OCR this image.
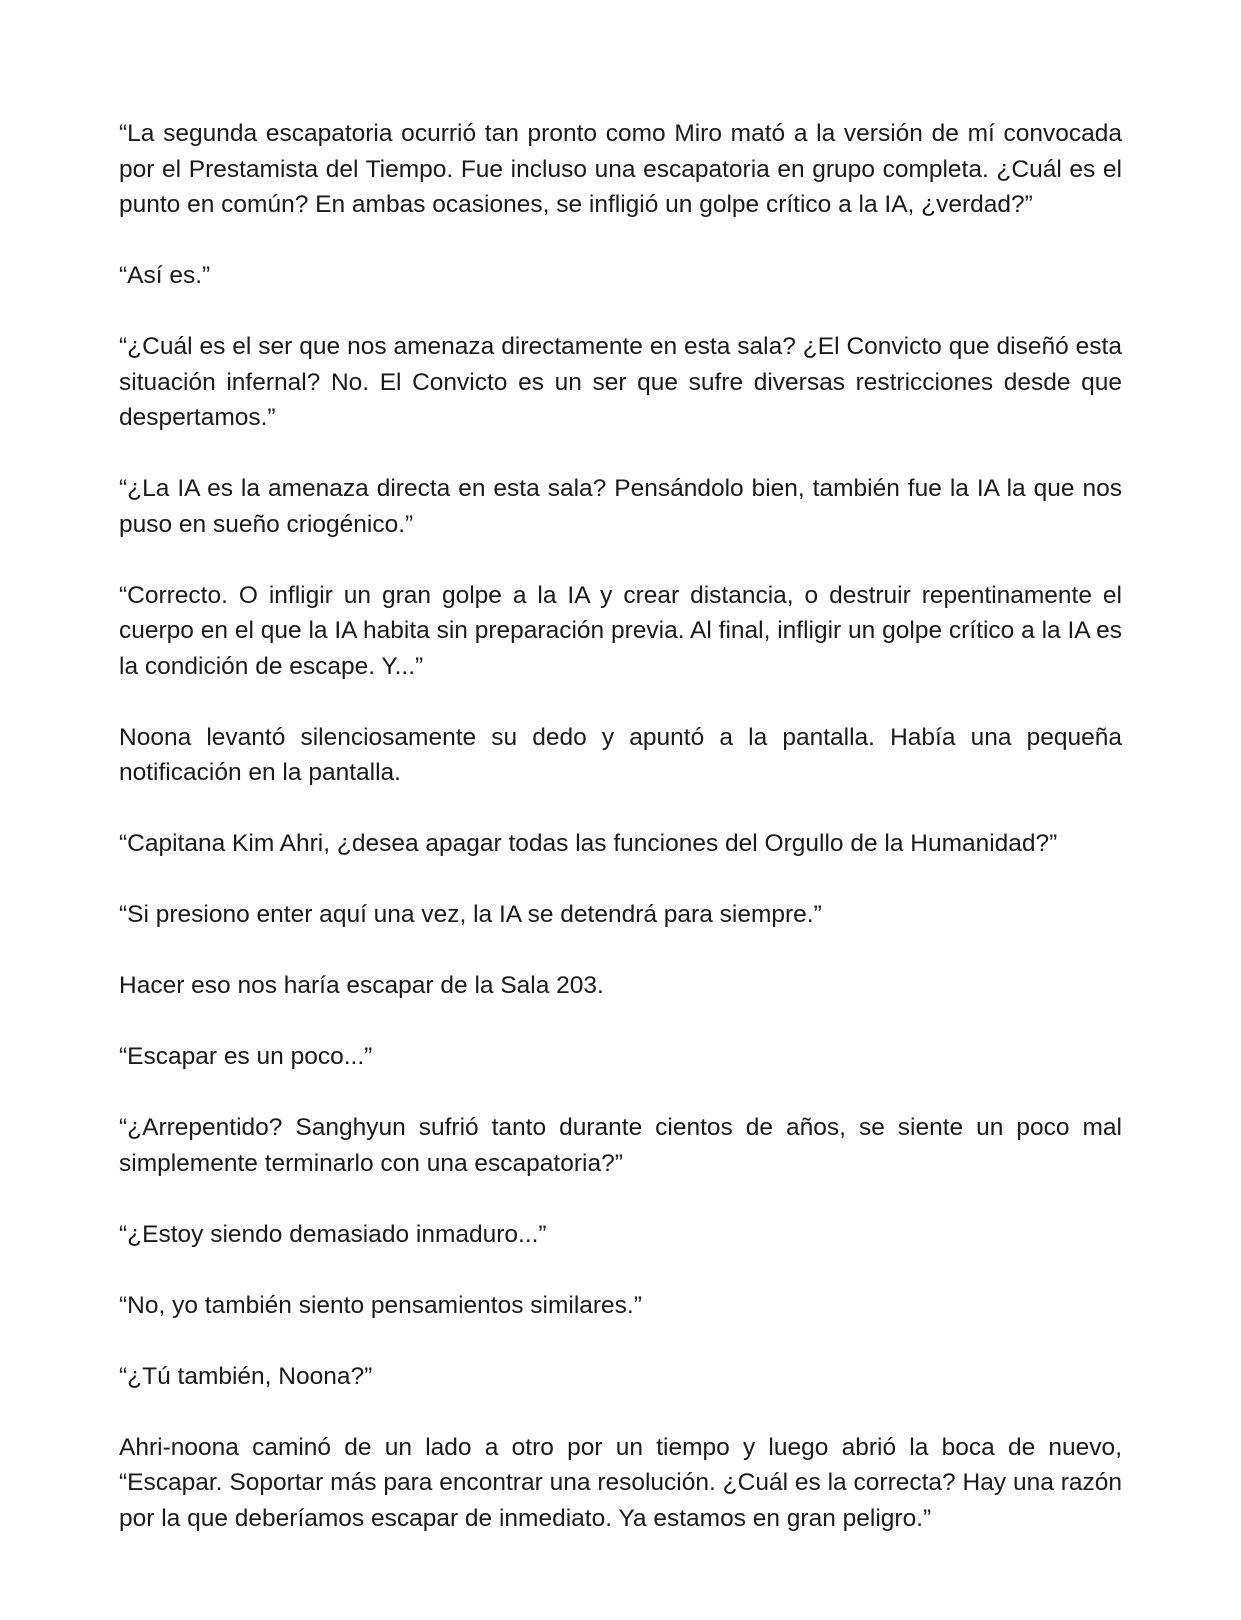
“La segunda escapatoria ocurrió tan pronto como Miro mató a la versión de mí convocada por el Prestamista del Tiempo. Fue incluso una escapatoria en grupo completa. ¿Cuál es el punto en común? En ambas ocasiones, se infligió un golpe crítico a la IA, ¿verdad?”

“Así es.”

“¿Cuál es el ser que nos amenaza directamente en esta sala? ¿El Convicto que diseñó esta situación infernal? No. El Convicto es un ser que sufre diversas restricciones desde que despertamos.”

“¿La IA es la amenaza directa en esta sala? Pensándolo bien, también fue la IA la que nos puso en sueño criogénico.”

“Correcto. O infligir un gran golpe a la IA y crear distancia, o destruir repentinamente el cuerpo en el que la IA habita sin preparación previa. Al final, infligir un golpe crítico a la IA es la condición de escape. Y...”

Noona levantó silenciosamente su dedo y apuntó a la pantalla. Había una pequeña notificación en la pantalla.

“Capitana Kim Ahri, ¿desea apagar todas las funciones del Orgullo de la Humanidad?”

“Si presiono enter aquí una vez, la IA se detendrá para siempre.”

Hacer eso nos haría escapar de la Sala 203.

“Escapar es un poco...”

“¿Arrepentido? Sanghyun sufrió tanto durante cientos de años, se siente un poco mal simplemente terminarlo con una escapatoria?”

“¿Estoy siendo demasiado inmaduro...”

“No, yo también siento pensamientos similares.”

“¿Tú también, Noona?”

Ahri-noona caminó de un lado a otro por un tiempo y luego abrió la boca de nuevo, “Escapar. Soportar más para encontrar una resolución. ¿Cuál es la correcta? Hay una razón por la que deberíamos escapar de inmediato. Ya estamos en gran peligro.”
